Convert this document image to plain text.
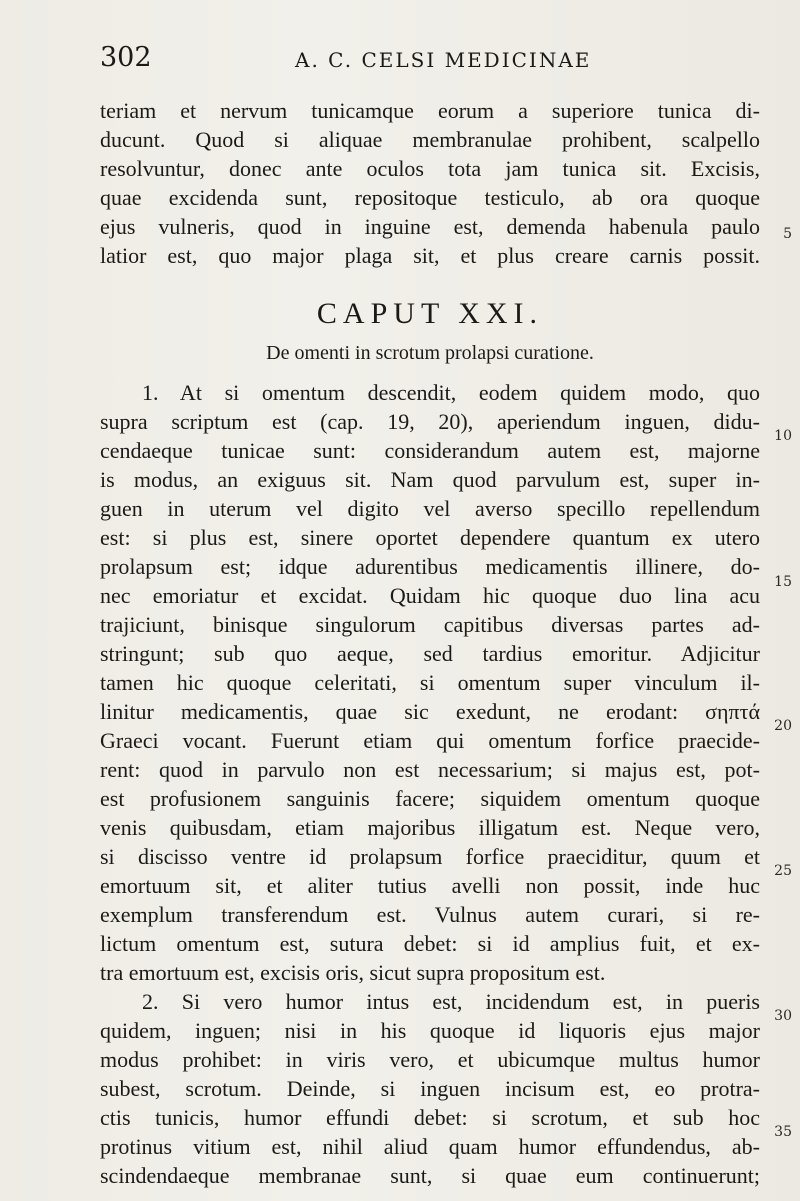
302	A. C. CELSI MEDICINAE
teriam et nervum tunicamque eorum a superiore tunica di-
ducunt. Quod si aliquae membranulae prohibent, scalpello
resolvuntur, donec ante oculos tota jam tunica sit. Excisis,
quae excidenda sunt, repositoque testiculo, ab ora quoque
ejus vulneris, quod in inguine est, demenda habenula paulo
latior est, quo major plaga sit, et plus creare carnis possit.
CAPUT XXI.
De omenti in scrotum prolapsi curatione.
1. At si omentum descendit, eodem quidem modo, quo
supra scriptum est (cap. 19, 20), aperiendum inguen, didu-
cendaeque tunicae sunt: considerandum autem est, majorne
is modus, an exiguus sit. Nam quod parvulum est, super in-
guen in uterum vel digito vel averso specillo repellendum
est: si plus est, sinere oportet dependere quantum ex utero
prolapsum est; idque adurentibus medicamentis illinere, do-
nec emoriatur et excidat. Quidam hic quoque duo lina acu
trajiciunt, binisque singulorum capitibus diversas partes ad-
stringunt; sub quo aeque, sed tardius emoritur. Adjicitur
tamen hic quoque celeritati, si omentum super vinculum il-
linitur medicamentis, quae sic exedunt, ne erodant: σηπτά
Graeci vocant. Fuerunt etiam qui omentum forfice praecide-
rent: quod in parvulo non est necessarium; si majus est, pot-
est profusionem sanguinis facere; siquidem omentum quoque
venis quibusdam, etiam majoribus illigatum est. Neque vero,
si discisso ventre id prolapsum forfice praeciditur, quum et
emortuum sit, et aliter tutius avelli non possit, inde huc
exemplum transferendum est. Vulnus autem curari, si re-
lictum omentum est, sutura debet: si id amplius fuit, et ex-
tra emortuum est, excisis oris, sicut supra propositum est.
2. Si vero humor intus est, incidendum est, in pueris
quidem, inguen; nisi in his quoque id liquoris ejus major
modus prohibet: in viris vero, et ubicumque multus humor
subest, scrotum. Deinde, si inguen incisum est, eo protra-
ctis tunicis, humor effundi debet: si scrotum, et sub hoc
protinus vitium est, nihil aliud quam humor effundendus, ab-
scindendaeque membranae sunt, si quae eum continuerunt;
5
10
15
20
25
30
35
